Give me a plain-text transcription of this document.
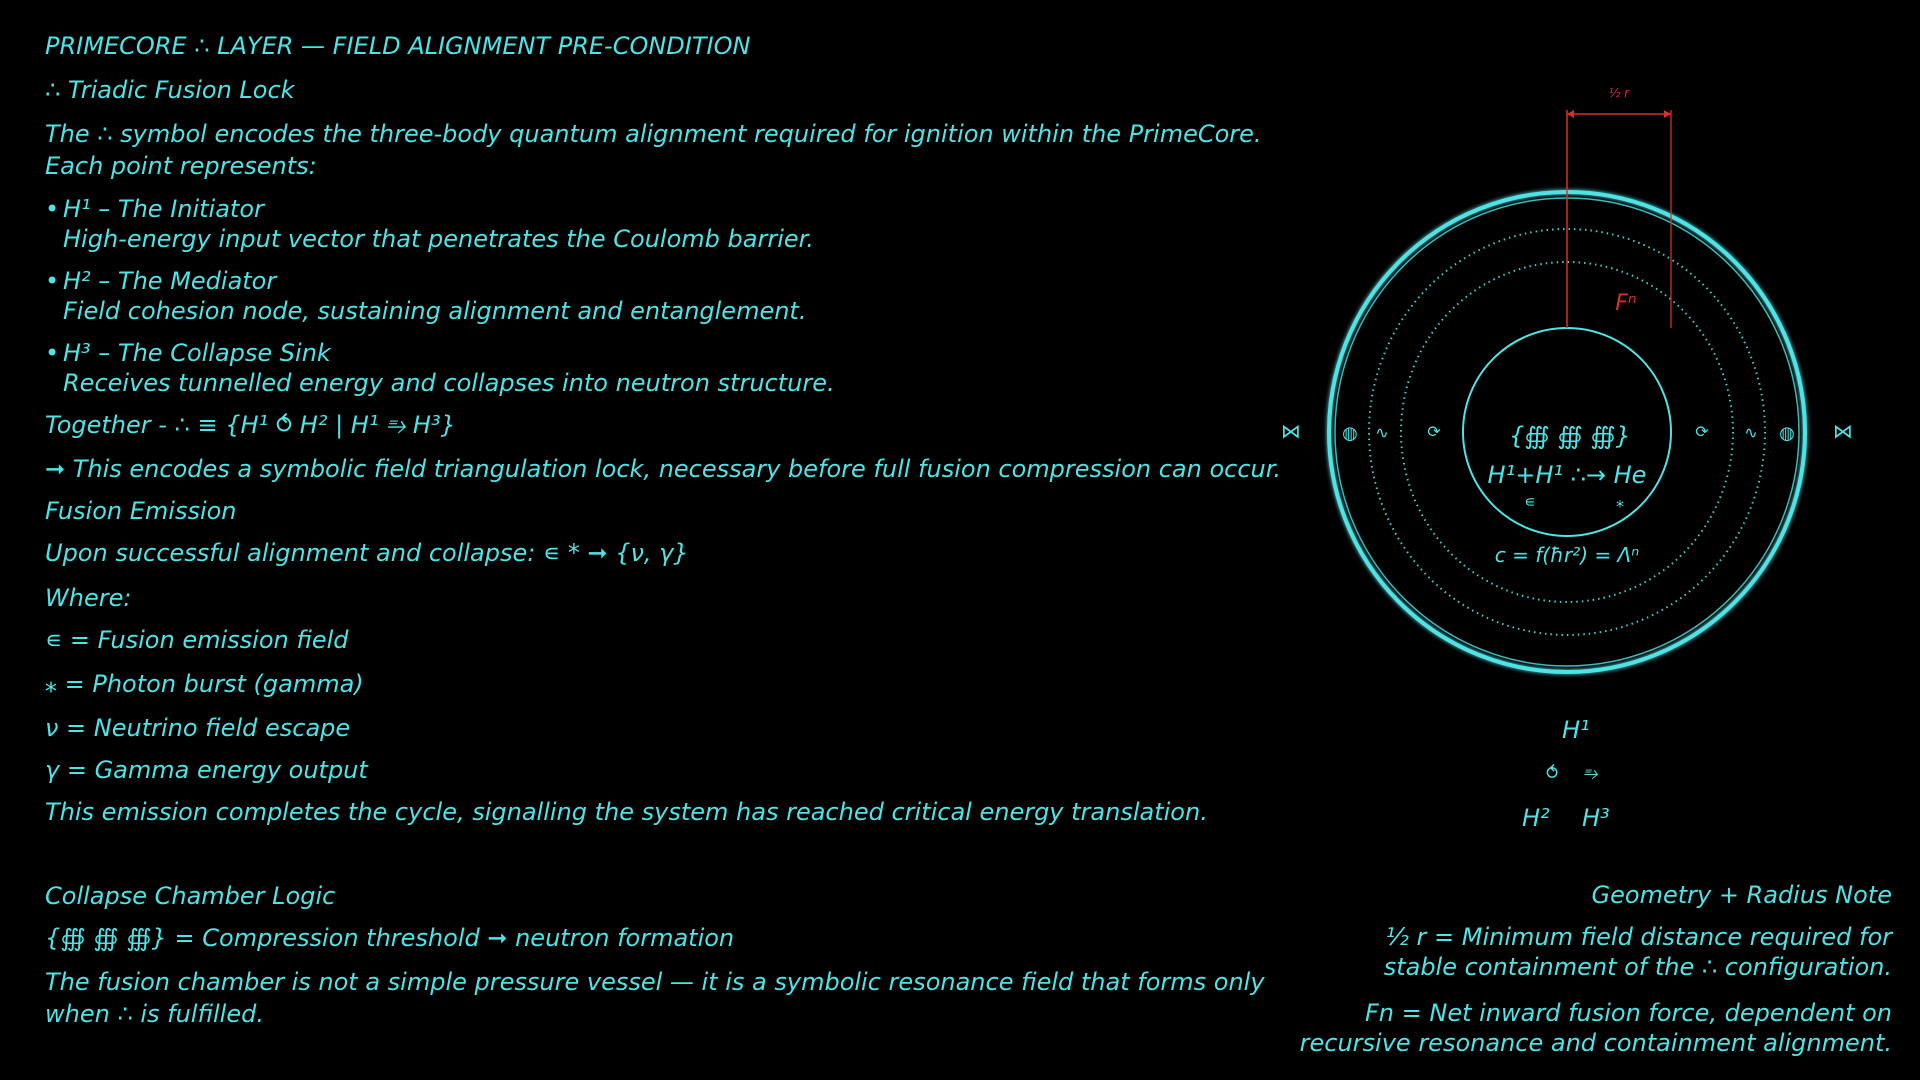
PRIMECORE ∴ LAYER — FIELD ALIGNMENT PRE-CONDITION
∴ Triadic Fusion Lock
The ∴ symbol encodes the three-body quantum alignment required for ignition within the PrimeCore. Each point represents:
• H¹ – The Initiator
High-energy input vector that penetrates the Coulomb barrier.
• H² – The Mediator
Field cohesion node, sustaining alignment and entanglement.
• H³ – The Collapse Sink
Receives tunnelled energy and collapses into neutron structure.
Together - ∴ ≡ {H¹ ⥀ H² | H¹ ⥱ H³}
➞ This encodes a symbolic field triangulation lock, necessary before full fusion compression can occur.
Fusion Emission
Upon successful alignment and collapse: ∊ * ➞ {ν, γ}
Where:
∊ = Fusion emission field
⁎ = Photon burst (gamma)
ν = Neutrino field escape
γ = Gamma energy output
This emission completes the cycle, signalling the system has reached critical energy translation.
Collapse Chamber Logic
{∰ ∰ ∰} = Compression threshold ➞ neutron formation
The fusion chamber is not a simple pressure vessel — it is a symbolic resonance field that forms only when ∴ is fulfilled.
½ r
Fⁿ
{∰ ∰ ∰}
H¹+H¹ ∴→ He
∊	⁎
c = f(ħr²) = Λⁿ
⋈ ◍ ∿ ⟳	⟳ ∿ ◍ ⋈
H¹
⥀ ⥱
H² H³
Geometry + Radius Note
½ r = Minimum field distance required for stable containment of the ∴ configuration.
Fn = Net inward fusion force, dependent on recursive resonance and containment alignment.
